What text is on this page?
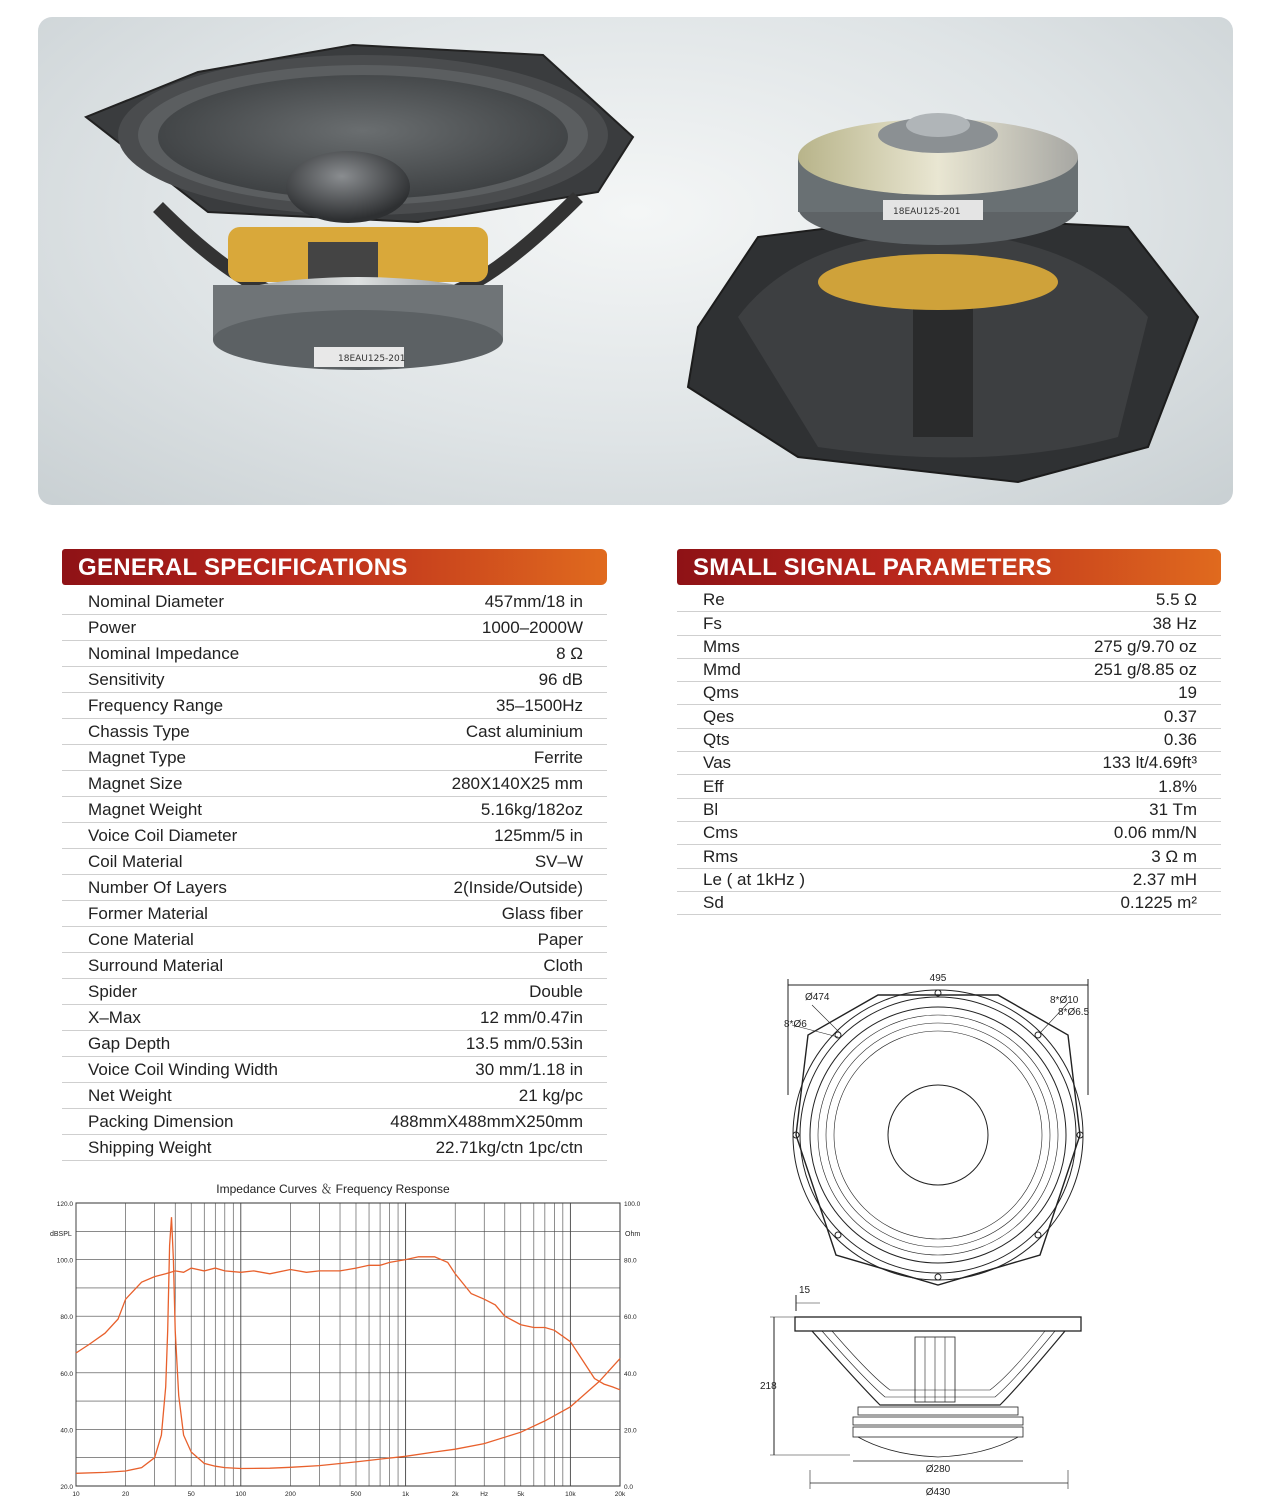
18EAU125-201
18EAU125-201
GENERAL SPECIFICATIONS
Nominal Diameter	457mm/18 in
Power	1000–2000W
Nominal Impedance	8 Ω
Sensitivity	96 dB
Frequency Range	35–1500Hz
Chassis Type	Cast aluminium
Magnet Type	Ferrite
Magnet Size	280X140X25 mm
Magnet Weight	5.16kg/182oz
Voice Coil Diameter	125mm/5 in
Coil Material	SV–W
Number Of Layers	2(Inside/Outside)
Former Material	Glass fiber
Cone Material	Paper
Surround Material	Cloth
Spider	Double
X–Max	12 mm/0.47in
Gap Depth	13.5 mm/0.53in
Voice Coil Winding Width	30 mm/1.18 in
Net Weight	21 kg/pc
Packing Dimension	488mmX488mmX250mm
Shipping Weight	22.71kg/ctn 1pc/ctn
SMALL SIGNAL PARAMETERS
Re	5.5 Ω
Fs	38 Hz
Mms	275 g/9.70 oz
Mmd	251 g/8.85 oz
Qms	19
Qes	0.37
Qts	0.36
Vas	133 lt/4.69ft³
Eff	1.8%
Bl	31 Tm
Cms	0.06 mm/N
Rms	3 Ω m
Le ( at 1kHz )	2.37 mH
Sd	0.1225 m²
Impedance Curves ＆ Frequency Response
dBSPL	Ohm
120.0
100.0
80.0
60.0
40.0
20.0
100.0
80.0
60.0
40.0
20.0
0.0
10	20	50	100	200	500	1k	2k	Hz	5k	10k	20k
495
Ø474	8*Ø10
8*Ø6.5
8*Ø6
15
218
Ø280
Ø430
